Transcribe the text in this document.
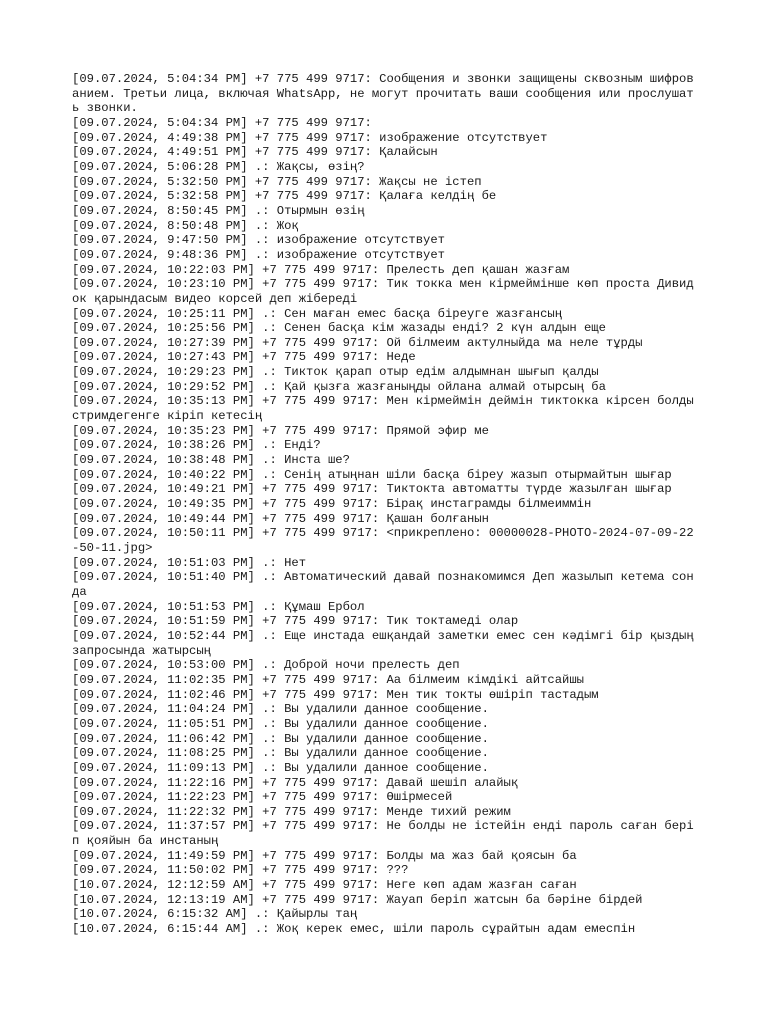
[09.07.2024, 5:04:34 PM] +7 775 499 9717: Сообщения и звонки защищены сквозным шифрованием. Третьи лица, включая WhatsApp, не могут прочитать ваши сообщения или прослушать звонки.
[09.07.2024, 5:04:34 PM] +7 775 499 9717:
[09.07.2024, 4:49:38 PM] +7 775 499 9717: изображение отсутствует
[09.07.2024, 4:49:51 PM] +7 775 499 9717: Қалайсын
[09.07.2024, 5:06:28 PM] .: Жақсы, өзің?
[09.07.2024, 5:32:50 PM] +7 775 499 9717: Жақсы не істеп
[09.07.2024, 5:32:58 PM] +7 775 499 9717: Қалаға келдің бе
[09.07.2024, 8:50:45 PM] .: Отырмын өзің
[09.07.2024, 8:50:48 PM] .: Жоқ
[09.07.2024, 9:47:50 PM] .: изображение отсутствует
[09.07.2024, 9:48:36 PM] .: изображение отсутствует
[09.07.2024, 10:22:03 PM] +7 775 499 9717: Прелесть деп қашан жазғам
[09.07.2024, 10:23:10 PM] +7 775 499 9717: Тик токка мен кірмеймінше көп проста Дивидок қарындасым видео корсей деп жібереді
[09.07.2024, 10:25:11 PM] .: Сен маған емес басқа біреуге жазғансың
[09.07.2024, 10:25:56 PM] .: Сенен басқа кім жазады енді? 2 күн алдын еще
[09.07.2024, 10:27:39 PM] +7 775 499 9717: Ой білмеим актулныйда ма неле тұрды
[09.07.2024, 10:27:43 PM] +7 775 499 9717: Неде
[09.07.2024, 10:29:23 PM] .: Тикток қарап отыр едім алдымнан шығып қалды
[09.07.2024, 10:29:52 PM] .: Қай қызға жазғаныңды ойлана алмай отырсың ба
[09.07.2024, 10:35:13 PM] +7 775 499 9717: Мен кірмеймін деймін тиктокка кірсен болды стримдегенге кіріп кетесің
[09.07.2024, 10:35:23 PM] +7 775 499 9717: Прямой эфир ме
[09.07.2024, 10:38:26 PM] .: Енді?
[09.07.2024, 10:38:48 PM] .: Инста ше?
[09.07.2024, 10:40:22 PM] .: Сенің атыңнан шіли басқа біреу жазып отырмайтын шығар
[09.07.2024, 10:49:21 PM] +7 775 499 9717: Тиктокта автоматты түрде жазылған шығар
[09.07.2024, 10:49:35 PM] +7 775 499 9717: Бірақ инстаграмды білмеиммін
[09.07.2024, 10:49:44 PM] +7 775 499 9717: Қашан болғанын
[09.07.2024, 10:50:11 PM] +7 775 499 9717: <прикреплено: 00000028-PHOTO-2024-07-09-22-50-11.jpg>
[09.07.2024, 10:51:03 PM] .: Нет
[09.07.2024, 10:51:40 PM] .: Автоматический давай познакомимся Деп жазылып кетема сонда
[09.07.2024, 10:51:53 PM] .: Құмаш Ербол
[09.07.2024, 10:51:59 PM] +7 775 499 9717: Тик токтамеді олар
[09.07.2024, 10:52:44 PM] .: Еще инстада ешқандай заметки емес сен кәдімгі бір қыздың запросында жатырсың
[09.07.2024, 10:53:00 PM] .: Доброй ночи прелесть деп
[09.07.2024, 11:02:35 PM] +7 775 499 9717: Аа білмеим кімдікі айтсайшы
[09.07.2024, 11:02:46 PM] +7 775 499 9717: Мен тик токты өшіріп тастадым
[09.07.2024, 11:04:24 PM] .: Вы удалили данное сообщение.
[09.07.2024, 11:05:51 PM] .: Вы удалили данное сообщение.
[09.07.2024, 11:06:42 PM] .: Вы удалили данное сообщение.
[09.07.2024, 11:08:25 PM] .: Вы удалили данное сообщение.
[09.07.2024, 11:09:13 PM] .: Вы удалили данное сообщение.
[09.07.2024, 11:22:16 PM] +7 775 499 9717: Давай шешіп алайық
[09.07.2024, 11:22:23 PM] +7 775 499 9717: Өшірмесей
[09.07.2024, 11:22:32 PM] +7 775 499 9717: Менде тихий режим
[09.07.2024, 11:37:57 PM] +7 775 499 9717: Не болды не істейін енді пароль саған беріп қояйын ба инстаның
[09.07.2024, 11:49:59 PM] +7 775 499 9717: Болды ма жаз бай қоясын ба
[09.07.2024, 11:50:02 PM] +7 775 499 9717: ???
[10.07.2024, 12:12:59 AM] +7 775 499 9717: Неге көп адам жазған саған
[10.07.2024, 12:13:19 AM] +7 775 499 9717: Жауап беріп жатсын ба бәріне бірдей
[10.07.2024, 6:15:32 AM] .: Қайырлы таң
[10.07.2024, 6:15:44 AM] .: Жоқ керек емес, шіли пароль сұрайтын адам емеспін
